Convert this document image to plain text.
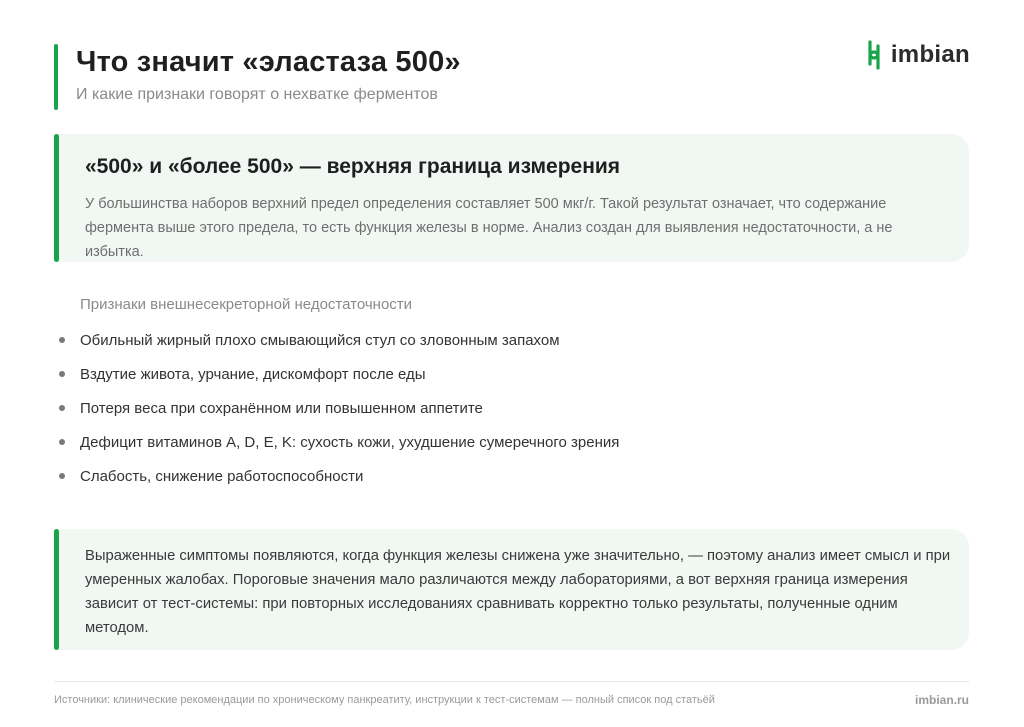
Что значит «эластаза 500»
И какие признаки говорят о нехватке ферментов
imbian
«500» и «более 500» — верхняя граница измерения
У большинства наборов верхний предел определения составляет 500 мкг/г. Такой результат означает, что содержание фермента выше этого предела, то есть функция железы в норме. Анализ создан для выявления недостаточности, а не избытка.
Признаки внешнесекреторной недостаточности
Обильный жирный плохо смывающийся стул со зловонным запахом
Вздутие живота, урчание, дискомфорт после еды
Потеря веса при сохранённом или повышенном аппетите
Дефицит витаминов A, D, E, K: сухость кожи, ухудшение сумеречного зрения
Слабость, снижение работоспособности
Выраженные симптомы появляются, когда функция железы снижена уже значительно, — поэтому анализ имеет смысл и при умеренных жалобах. Пороговые значения мало различаются между лабораториями, а вот верхняя граница измерения зависит от тест-системы: при повторных исследованиях сравнивать корректно только результаты, полученные одним методом.
Источники: клинические рекомендации по хроническому панкреатиту, инструкции к тест-системам — полный список под статьёй	imbian.ru
